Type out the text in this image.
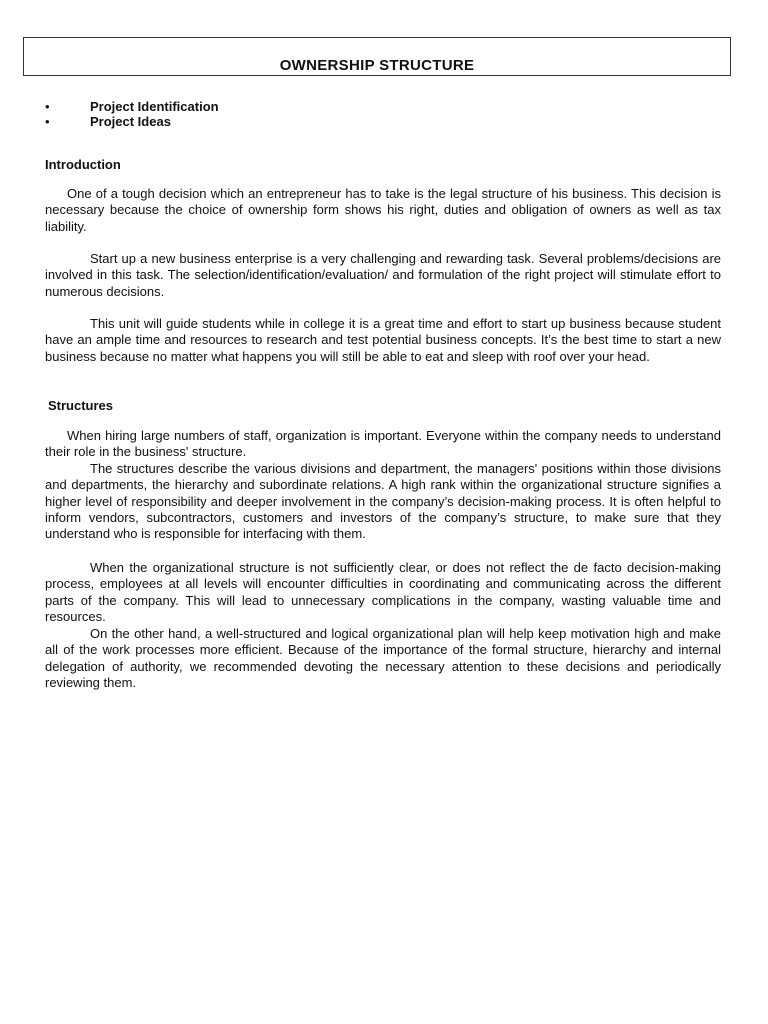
OWNERSHIP STRUCTURE
•	Project Identification
•	Project Ideas
Introduction

One of a tough decision which an entrepreneur has to take is the legal structure of his business. This decision is necessary because the choice of ownership form shows his right, duties and obligation of owners as well as tax liability.

Start up a new business enterprise is a very challenging and rewarding task. Several problems/decisions are involved in this task. The selection/identification/evaluation/ and formulation of the right project will stimulate effort to numerous decisions.

This unit will guide students while in college it is a great time and effort to start up business because student have an ample time and resources to research and test potential business concepts. It’s the best time to start a new business because no matter what happens you will still be able to eat and sleep with roof over your head.

Structures

When hiring large numbers of staff, organization is important. Everyone within the company needs to understand their role in the business' structure.

The structures describe the various divisions and department, the managers' positions within those divisions and departments, the hierarchy and subordinate relations. A high rank within the organizational structure signifies a higher level of responsibility and deeper involvement in the company’s decision-making process. It is often helpful to inform vendors, subcontractors, customers and investors of the company’s structure, to make sure that they understand who is responsible for interfacing with them.

When the organizational structure is not sufficiently clear, or does not reflect the de facto decision-making process, employees at all levels will encounter difficulties in coordinating and communicating across the different parts of the company. This will lead to unnecessary complications in the company, wasting valuable time and resources.

On the other hand, a well-structured and logical organizational plan will help keep motivation high and make all of the work processes more efficient. Because of the importance of the formal structure, hierarchy and internal delegation of authority, we recommended devoting the necessary attention to these decisions and periodically reviewing them.
